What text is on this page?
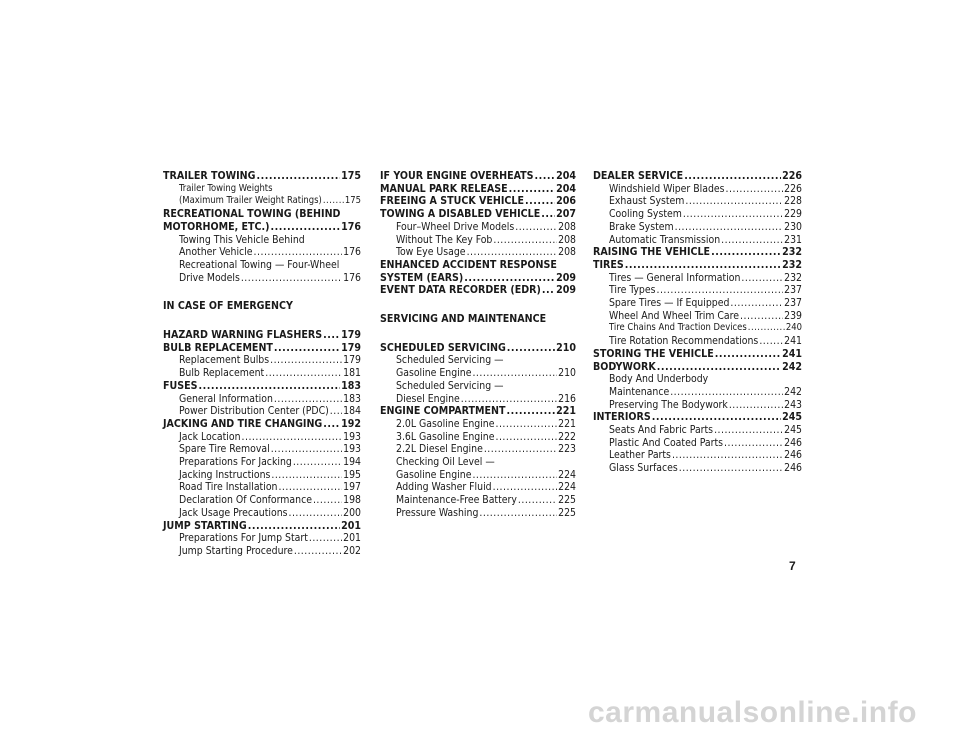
TRAILER TOWING .....	175
Trailer Towing Weights
(Maximum Trailer Weight Ratings) ..... 175
RECREATIONAL TOWING (BEHIND
MOTORHOME, ETC.) .....	176
Towing This Vehicle Behind
Another Vehicle .....	176
Recreational Towing — Four-Wheel
Drive Models .....	176
IN CASE OF EMERGENCY
HAZARD WARNING FLASHERS ..... 179
BULB REPLACEMENT .....	179
Replacement Bulbs .....	179
Bulb Replacement .....	181
FUSES .....	183
General Information .....	183
Power Distribution Center (PDC) ..... 184
JACKING AND TIRE CHANGING ..... 192
Jack Location .....	193
Spare Tire Removal .....	193
Preparations For Jacking .....	194
Jacking Instructions .....	195
Road Tire Installation .....	197
Declaration Of Conformance .....	198
Jack Usage Precautions .....	200
JUMP STARTING .....	201
Preparations For Jump Start .....	201
Jump Starting Procedure .....	202
IF YOUR ENGINE OVERHEATS ..... 204
MANUAL PARK RELEASE .....	204
FREEING A STUCK VEHICLE .....	206
TOWING A DISABLED VEHICLE ..... 207
Four–Wheel Drive Models .....	208
Without The Key Fob .....	208
Tow Eye Usage .....	208
ENHANCED ACCIDENT RESPONSE
SYSTEM (EARS) .....	209
EVENT DATA RECORDER (EDR) ..... 209
SERVICING AND MAINTENANCE
SCHEDULED SERVICING .....	210
Scheduled Servicing —
Gasoline Engine .....	210
Scheduled Servicing —
Diesel Engine .....	216
ENGINE COMPARTMENT .....	221
2.0L Gasoline Engine .....	221
3.6L Gasoline Engine .....	222
2.2L Diesel Engine .....	223
Checking Oil Level —
Gasoline Engine .....	224
Adding Washer Fluid .....	224
Maintenance-Free Battery .....	225
Pressure Washing .....	225
DEALER SERVICE .....	226
Windshield Wiper Blades .....	226
Exhaust System .....	228
Cooling System .....	229
Brake System .....	230
Automatic Transmission .....	231
RAISING THE VEHICLE .....	232
TIRES .....	232
Tires — General Information .....	232
Tire Types .....	237
Spare Tires — If Equipped .....	237
Wheel And Wheel Trim Care .....	239
Tire Chains And Traction Devices .....	240
Tire Rotation Recommendations ..... 241
STORING THE VEHICLE .....	241
BODYWORK .....	242
Body And Underbody
Maintenance .....	242
Preserving The Bodywork .....	243
INTERIORS .....	245
Seats And Fabric Parts .....	245
Plastic And Coated Parts .....	246
Leather Parts .....	246
Glass Surfaces .....	246
7
carmanualsonline.info
